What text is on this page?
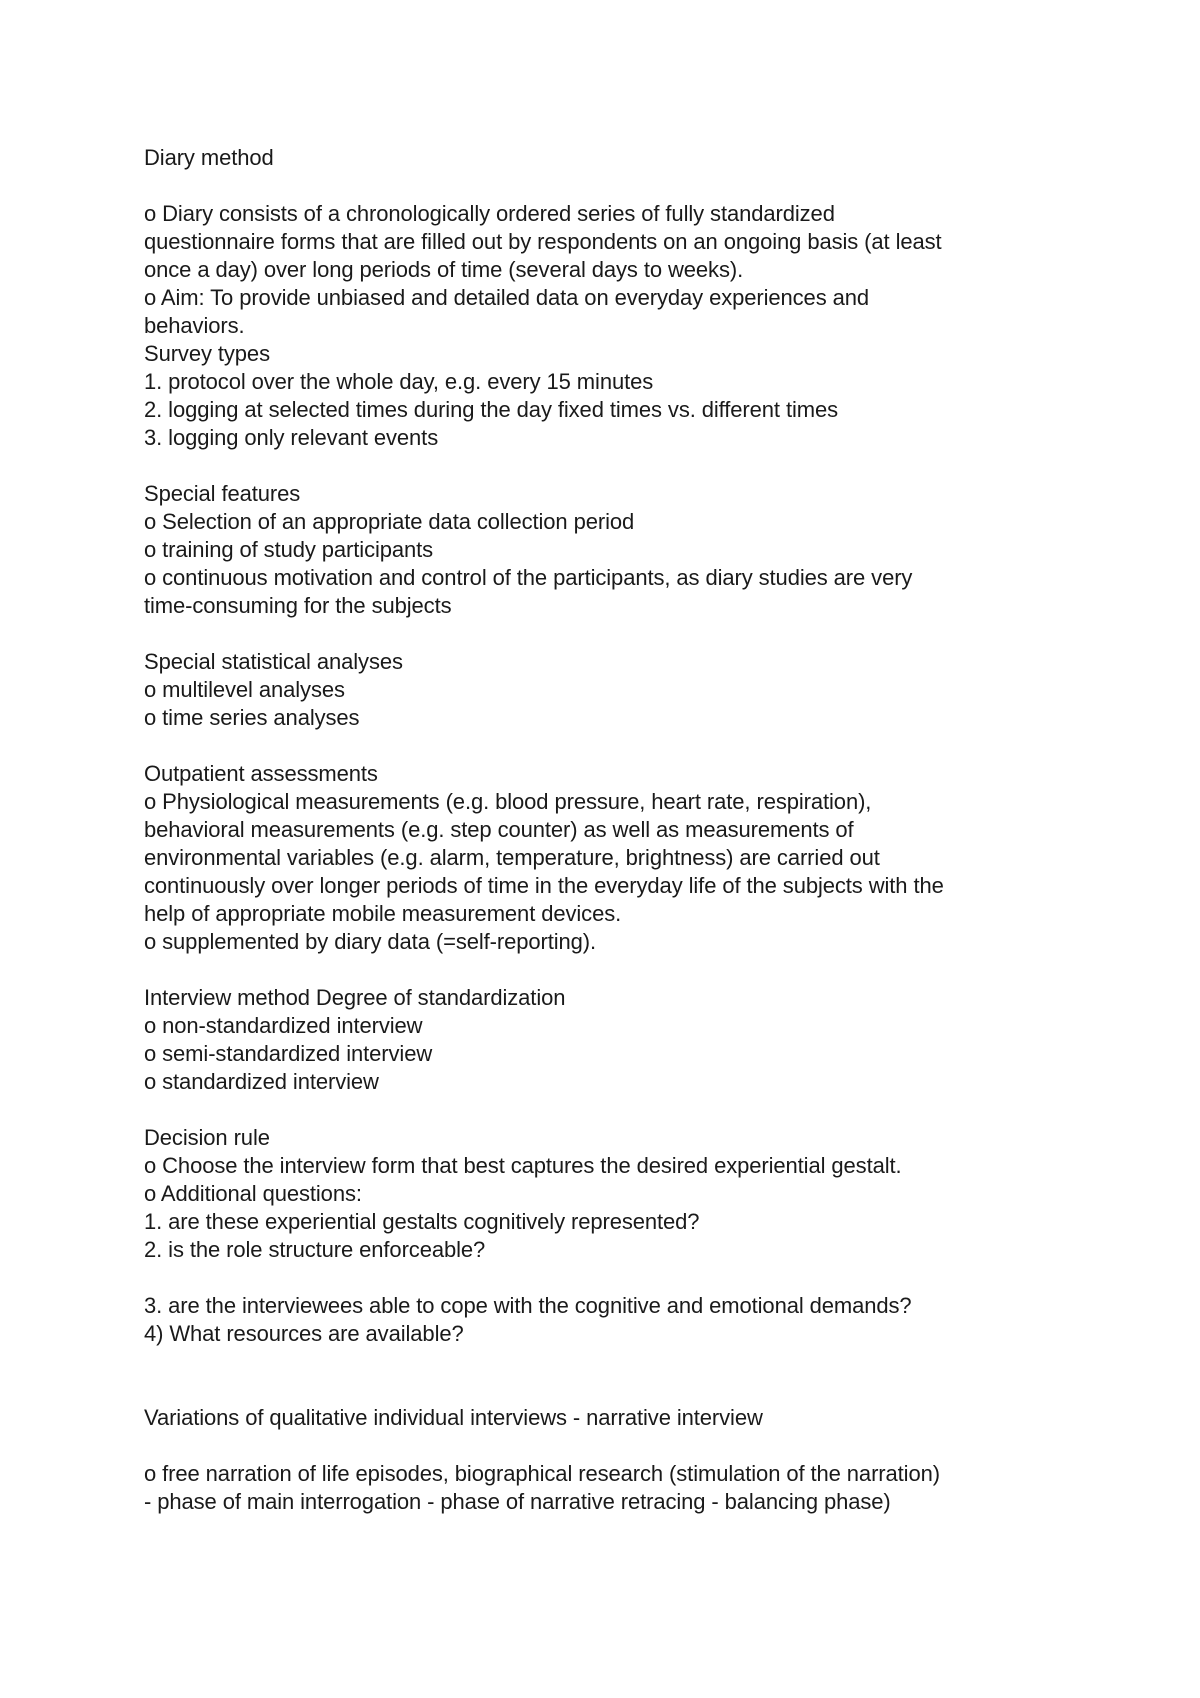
Diary method
o Diary consists of a chronologically ordered series of fully standardized
questionnaire forms that are filled out by respondents on an ongoing basis (at least
once a day) over long periods of time (several days to weeks).
o Aim: To provide unbiased and detailed data on everyday experiences and
behaviors.
Survey types
1. protocol over the whole day, e.g. every 15 minutes
2. logging at selected times during the day fixed times vs. different times
3. logging only relevant events
Special features
o Selection of an appropriate data collection period
o training of study participants
o continuous motivation and control of the participants, as diary studies are very
time-consuming for the subjects
Special statistical analyses
o multilevel analyses
o time series analyses
Outpatient assessments
o Physiological measurements (e.g. blood pressure, heart rate, respiration),
behavioral measurements (e.g. step counter) as well as measurements of
environmental variables (e.g. alarm, temperature, brightness) are carried out
continuously over longer periods of time in the everyday life of the subjects with the
help of appropriate mobile measurement devices.
o supplemented by diary data (=self-reporting).
Interview method Degree of standardization
o non-standardized interview
o semi-standardized interview
o standardized interview
Decision rule
o Choose the interview form that best captures the desired experiential gestalt.
o Additional questions:
1. are these experiential gestalts cognitively represented?
2. is the role structure enforceable?
3. are the interviewees able to cope with the cognitive and emotional demands?
4) What resources are available?
Variations of qualitative individual interviews - narrative interview
o free narration of life episodes, biographical research (stimulation of the narration)
- phase of main interrogation - phase of narrative retracing - balancing phase)
